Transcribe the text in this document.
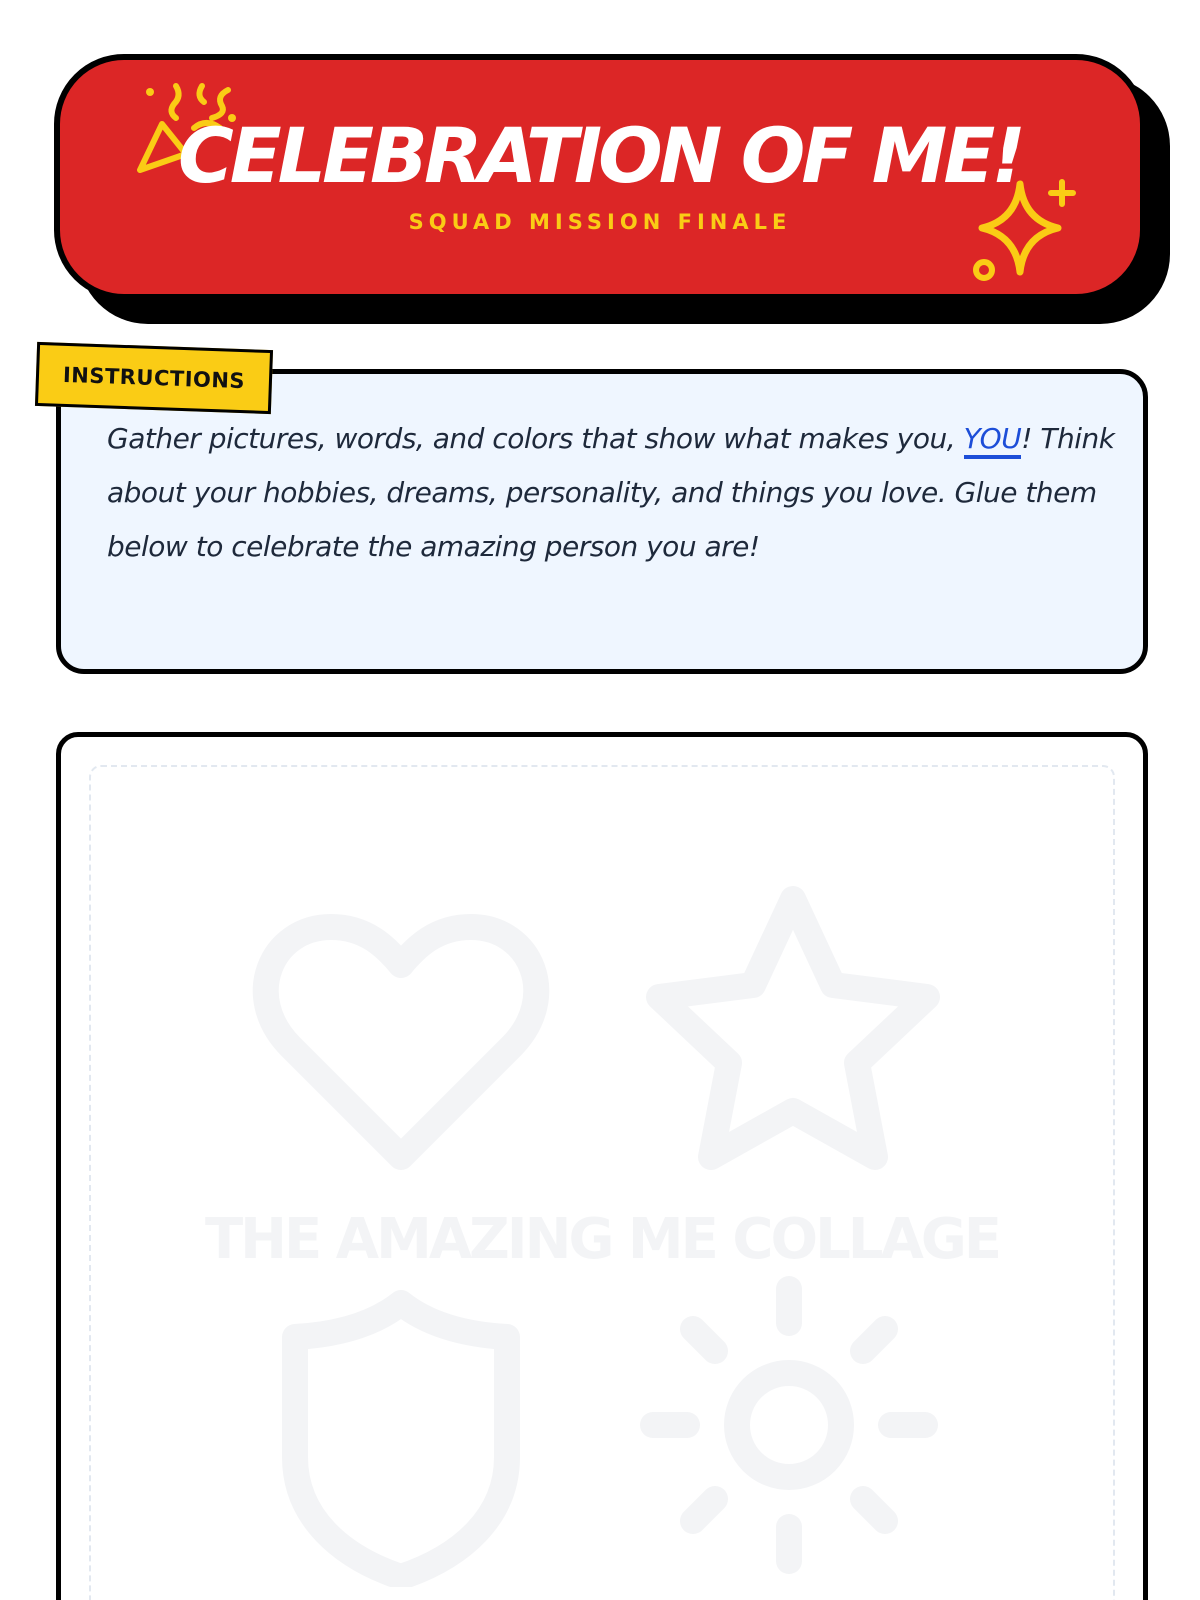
CELEBRATION OF ME!
SQUAD MISSION FINALE

Gather pictures, words, and colors that show what makes you, YOU! Think about your hobbies, dreams, personality, and things you love. Glue them below to celebrate the amazing person you are!

INSTRUCTIONS
THE AMAZING ME COLLAGE
